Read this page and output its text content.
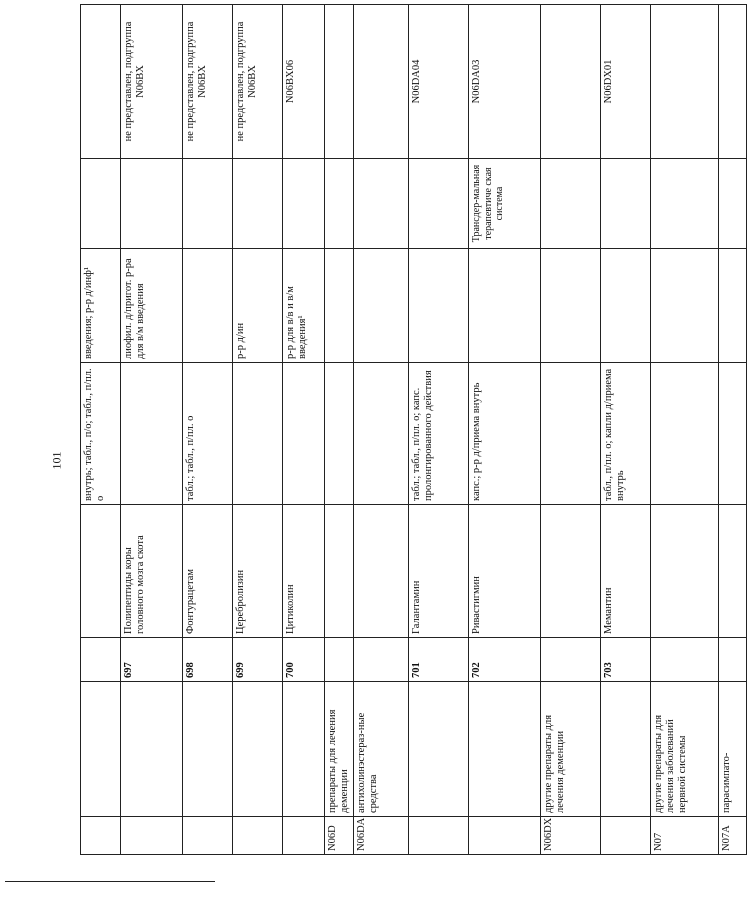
101
				внутрь; табл., п/о; табл., п/пл. о	введения; р-р д/инф¹		
		697	Полипептиды коры головного мозга скота		лиофил. д/пригот. р-ра для в/м введения		не представлен, подгруппа N06BX
		698	Фонтурацетам	табл.; табл., п/пл. о			не представлен, подгруппа N06BX
		699	Церебролизин		р-р д/ин		не представлен, подгруппа N06BX
		700	Цитиколин		р-р для в/в и в/м введения¹		N06BX06
N06D	препараты для лечения деменции						
N06DA	антихолинэстераз-ные средства						
		701	Галантамин	табл.; табл., п/пл. о; капс. пролонгированного действия			N06DA04
		702	Ривастигмин	капс.; р-р д/приема внутрь		Трансдер-мальная терапевтиче ская система	N06DA03
N06DX	другие препараты для лечения деменции						
		703	Мемантин	табл., п/пл. о; капли д/приема внутрь			N06DX01
N07	другие препараты для лечения заболеваний нервной системы						
N07A	парасимпато-						
